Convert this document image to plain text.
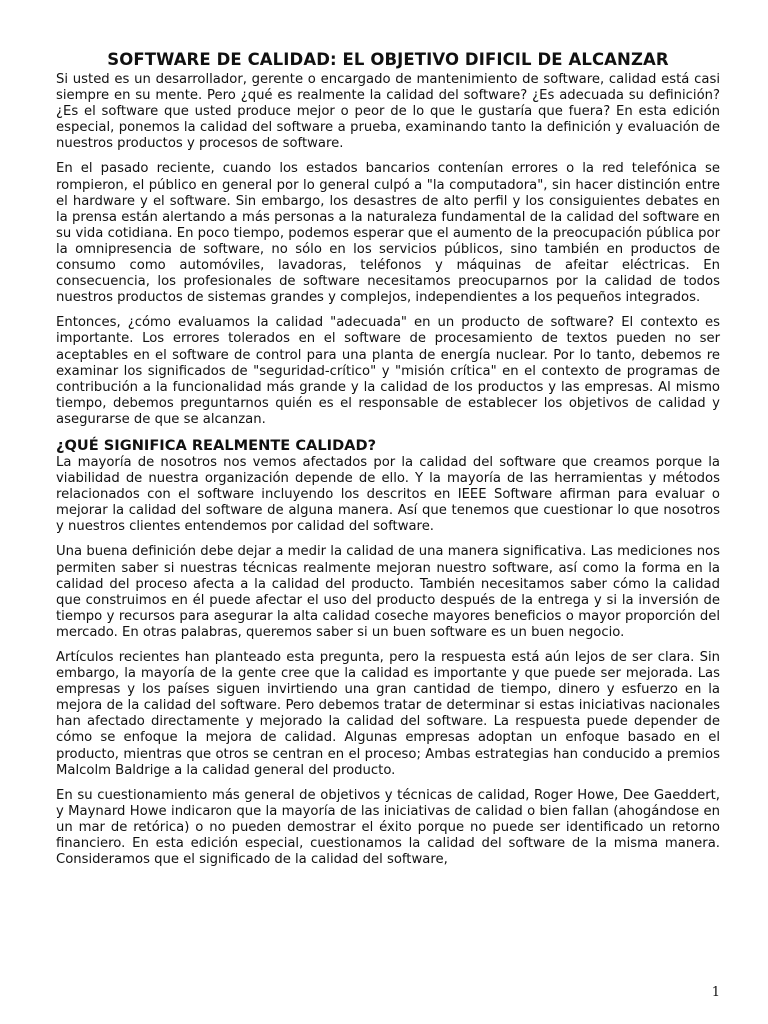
SOFTWARE DE CALIDAD: EL OBJETIVO DIFICIL DE ALCANZAR

Si usted es un desarrollador, gerente o encargado de mantenimiento de software, calidad está casi siempre en su mente. Pero ¿qué es realmente la calidad del software? ¿Es adecuada su definición? ¿Es el software que usted produce mejor o peor de lo que le gustaría que fuera? En esta edición especial, ponemos la calidad del software a prueba, examinando tanto la definición y evaluación de nuestros productos y procesos de software.

En el pasado reciente, cuando los estados bancarios contenían errores o la red telefónica se rompieron, el público en general por lo general culpó a "la computadora", sin hacer distinción entre el hardware y el software. Sin embargo, los desastres de alto perfil y los consiguientes debates en la prensa están alertando a más personas a la naturaleza fundamental de la calidad del software en su vida cotidiana. En poco tiempo, podemos esperar que el aumento de la preocupación pública por la omnipresencia de software, no sólo en los servicios públicos, sino también en productos de consumo como automóviles, lavadoras, teléfonos y máquinas de afeitar eléctricas. En consecuencia, los profesionales de software necesitamos preocuparnos por la calidad de todos nuestros productos de sistemas grandes y complejos, independientes a los pequeños integrados.

Entonces, ¿cómo evaluamos la calidad "adecuada" en un producto de software? El contexto es importante. Los errores tolerados en el software de procesamiento de textos pueden no ser aceptables en el software de control para una planta de energía nuclear. Por lo tanto, debemos re examinar los significados de "seguridad-crítico" y "misión crítica" en el contexto de programas de contribución a la funcionalidad más grande y la calidad de los productos y las empresas. Al mismo tiempo, debemos preguntarnos quién es el responsable de establecer los objetivos de calidad y asegurarse de que se alcanzan.

¿QUÉ SIGNIFICA REALMENTE CALIDAD?

La mayoría de nosotros nos vemos afectados por la calidad del software que creamos porque la viabilidad de nuestra organización depende de ello. Y la mayoría de las herramientas y métodos relacionados con el software incluyendo los descritos en IEEE Software afirman para evaluar o mejorar la calidad del software de alguna manera. Así que tenemos que cuestionar lo que nosotros y nuestros clientes entendemos por calidad del software.

Una buena definición debe dejar a medir la calidad de una manera significativa. Las mediciones nos permiten saber si nuestras técnicas realmente mejoran nuestro software, así como la forma en la calidad del proceso afecta a la calidad del producto. También necesitamos saber cómo la calidad que construimos en él puede afectar el uso del producto después de la entrega y si la inversión de tiempo y recursos para asegurar la alta calidad coseche mayores beneficios o mayor proporción del mercado. En otras palabras, queremos saber si un buen software es un buen negocio.

Artículos recientes han planteado esta pregunta, pero la respuesta está aún lejos de ser clara. Sin embargo, la mayoría de la gente cree que la calidad es importante y que puede ser mejorada. Las empresas y los países siguen invirtiendo una gran cantidad de tiempo, dinero y esfuerzo en la mejora de la calidad del software. Pero debemos tratar de determinar si estas iniciativas nacionales han afectado directamente y mejorado la calidad del software. La respuesta puede depender de cómo se enfoque la mejora de calidad. Algunas empresas adoptan un enfoque basado en el producto, mientras que otros se centran en el proceso; Ambas estrategias han conducido a premios Malcolm Baldrige a la calidad general del producto.

En su cuestionamiento más general de objetivos y técnicas de calidad, Roger Howe, Dee Gaeddert, y Maynard Howe indicaron que la mayoría de las iniciativas de calidad o bien fallan (ahogándose en un mar de retórica) o no pueden demostrar el éxito porque no puede ser identificado un retorno financiero. En esta edición especial, cuestionamos la calidad del software de la misma manera. Consideramos que el significado de la calidad del software,

1
